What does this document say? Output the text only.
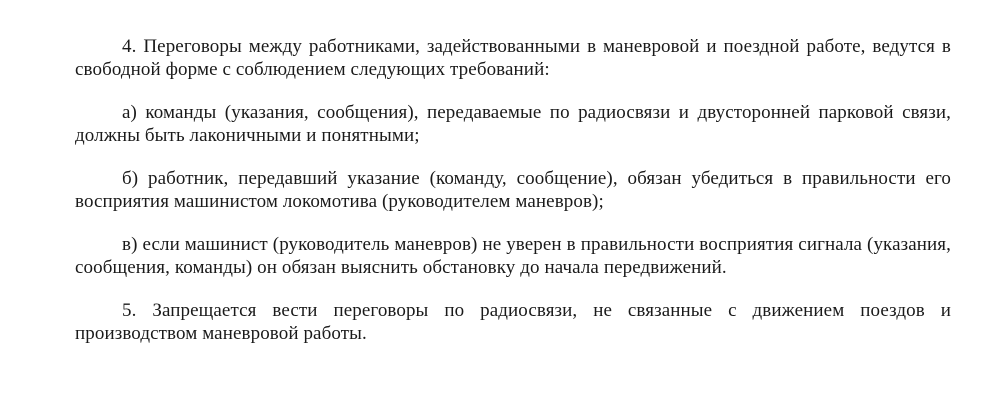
4. Переговоры между работниками, задействованными в маневровой и поездной работе, ведутся в свободной форме с соблюдением следующих требований:

а) команды (указания, сообщения), передаваемые по радиосвязи и двусторонней парковой связи, должны быть лаконичными и понятными;

б) работник, передавший указание (команду, сообщение), обязан убедиться в правильности его восприятия машинистом локомотива (руководителем маневров);

в) если машинист (руководитель маневров) не уверен в правильности восприятия сигнала (указания, сообщения, команды) он обязан выяснить обстановку до начала передвижений.

5. Запрещается вести переговоры по радиосвязи, не связанные с движением поездов и производством маневровой работы.
